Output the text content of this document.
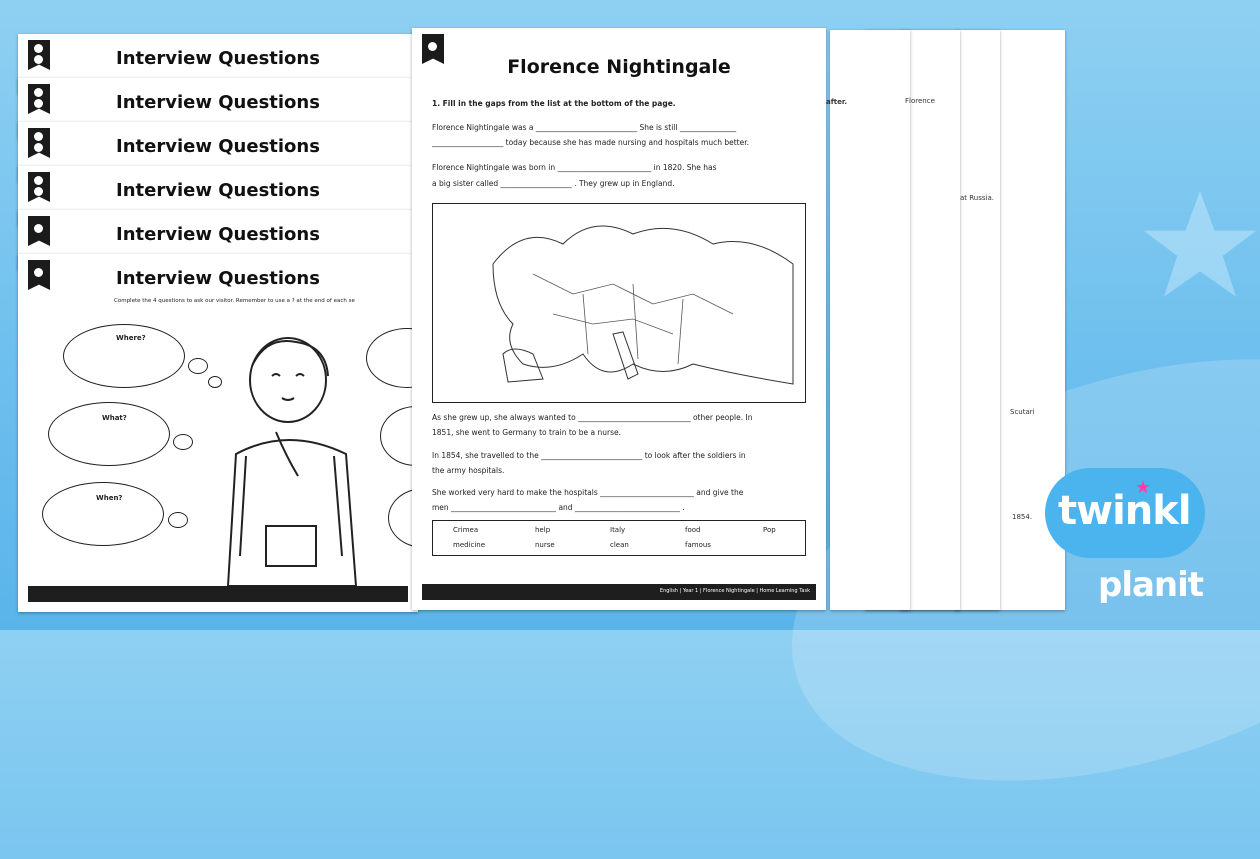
after.	Florence
at Russia.
Scutari
1854.
Interview Questions
Interview Questions
Interview Questions
Interview Questions
Interview Questions
Interview Questions
Complete the 4 questions to ask our visitor. Remember to use a ? at the end of each se
Where?
What?
When?
Florence Nightingale
1. Fill in the gaps from the list at the bottom of the page.
Florence Nightingale was a ___________________________ She is still _______________
___________________ today because she has made nursing and hospitals much better.
Florence Nightingale was born in _________________________ in 1820. She has
a big sister called ___________________ . They grew up in England.
As she grew up, she always wanted to ______________________________ other people. In
1851, she went to Germany to train to be a nurse.
In 1854, she travelled to the ___________________________ to look after the soldiers in
the army hospitals.
She worked very hard to make the hospitals _________________________ and give the
men ____________________________ and ____________________________ .
Crimea	help	Italy	food	Pop
medicine	nurse	clean	famous
English | Year 1 | Florence Nightingale | Home Learning Task
twinkl
planit
